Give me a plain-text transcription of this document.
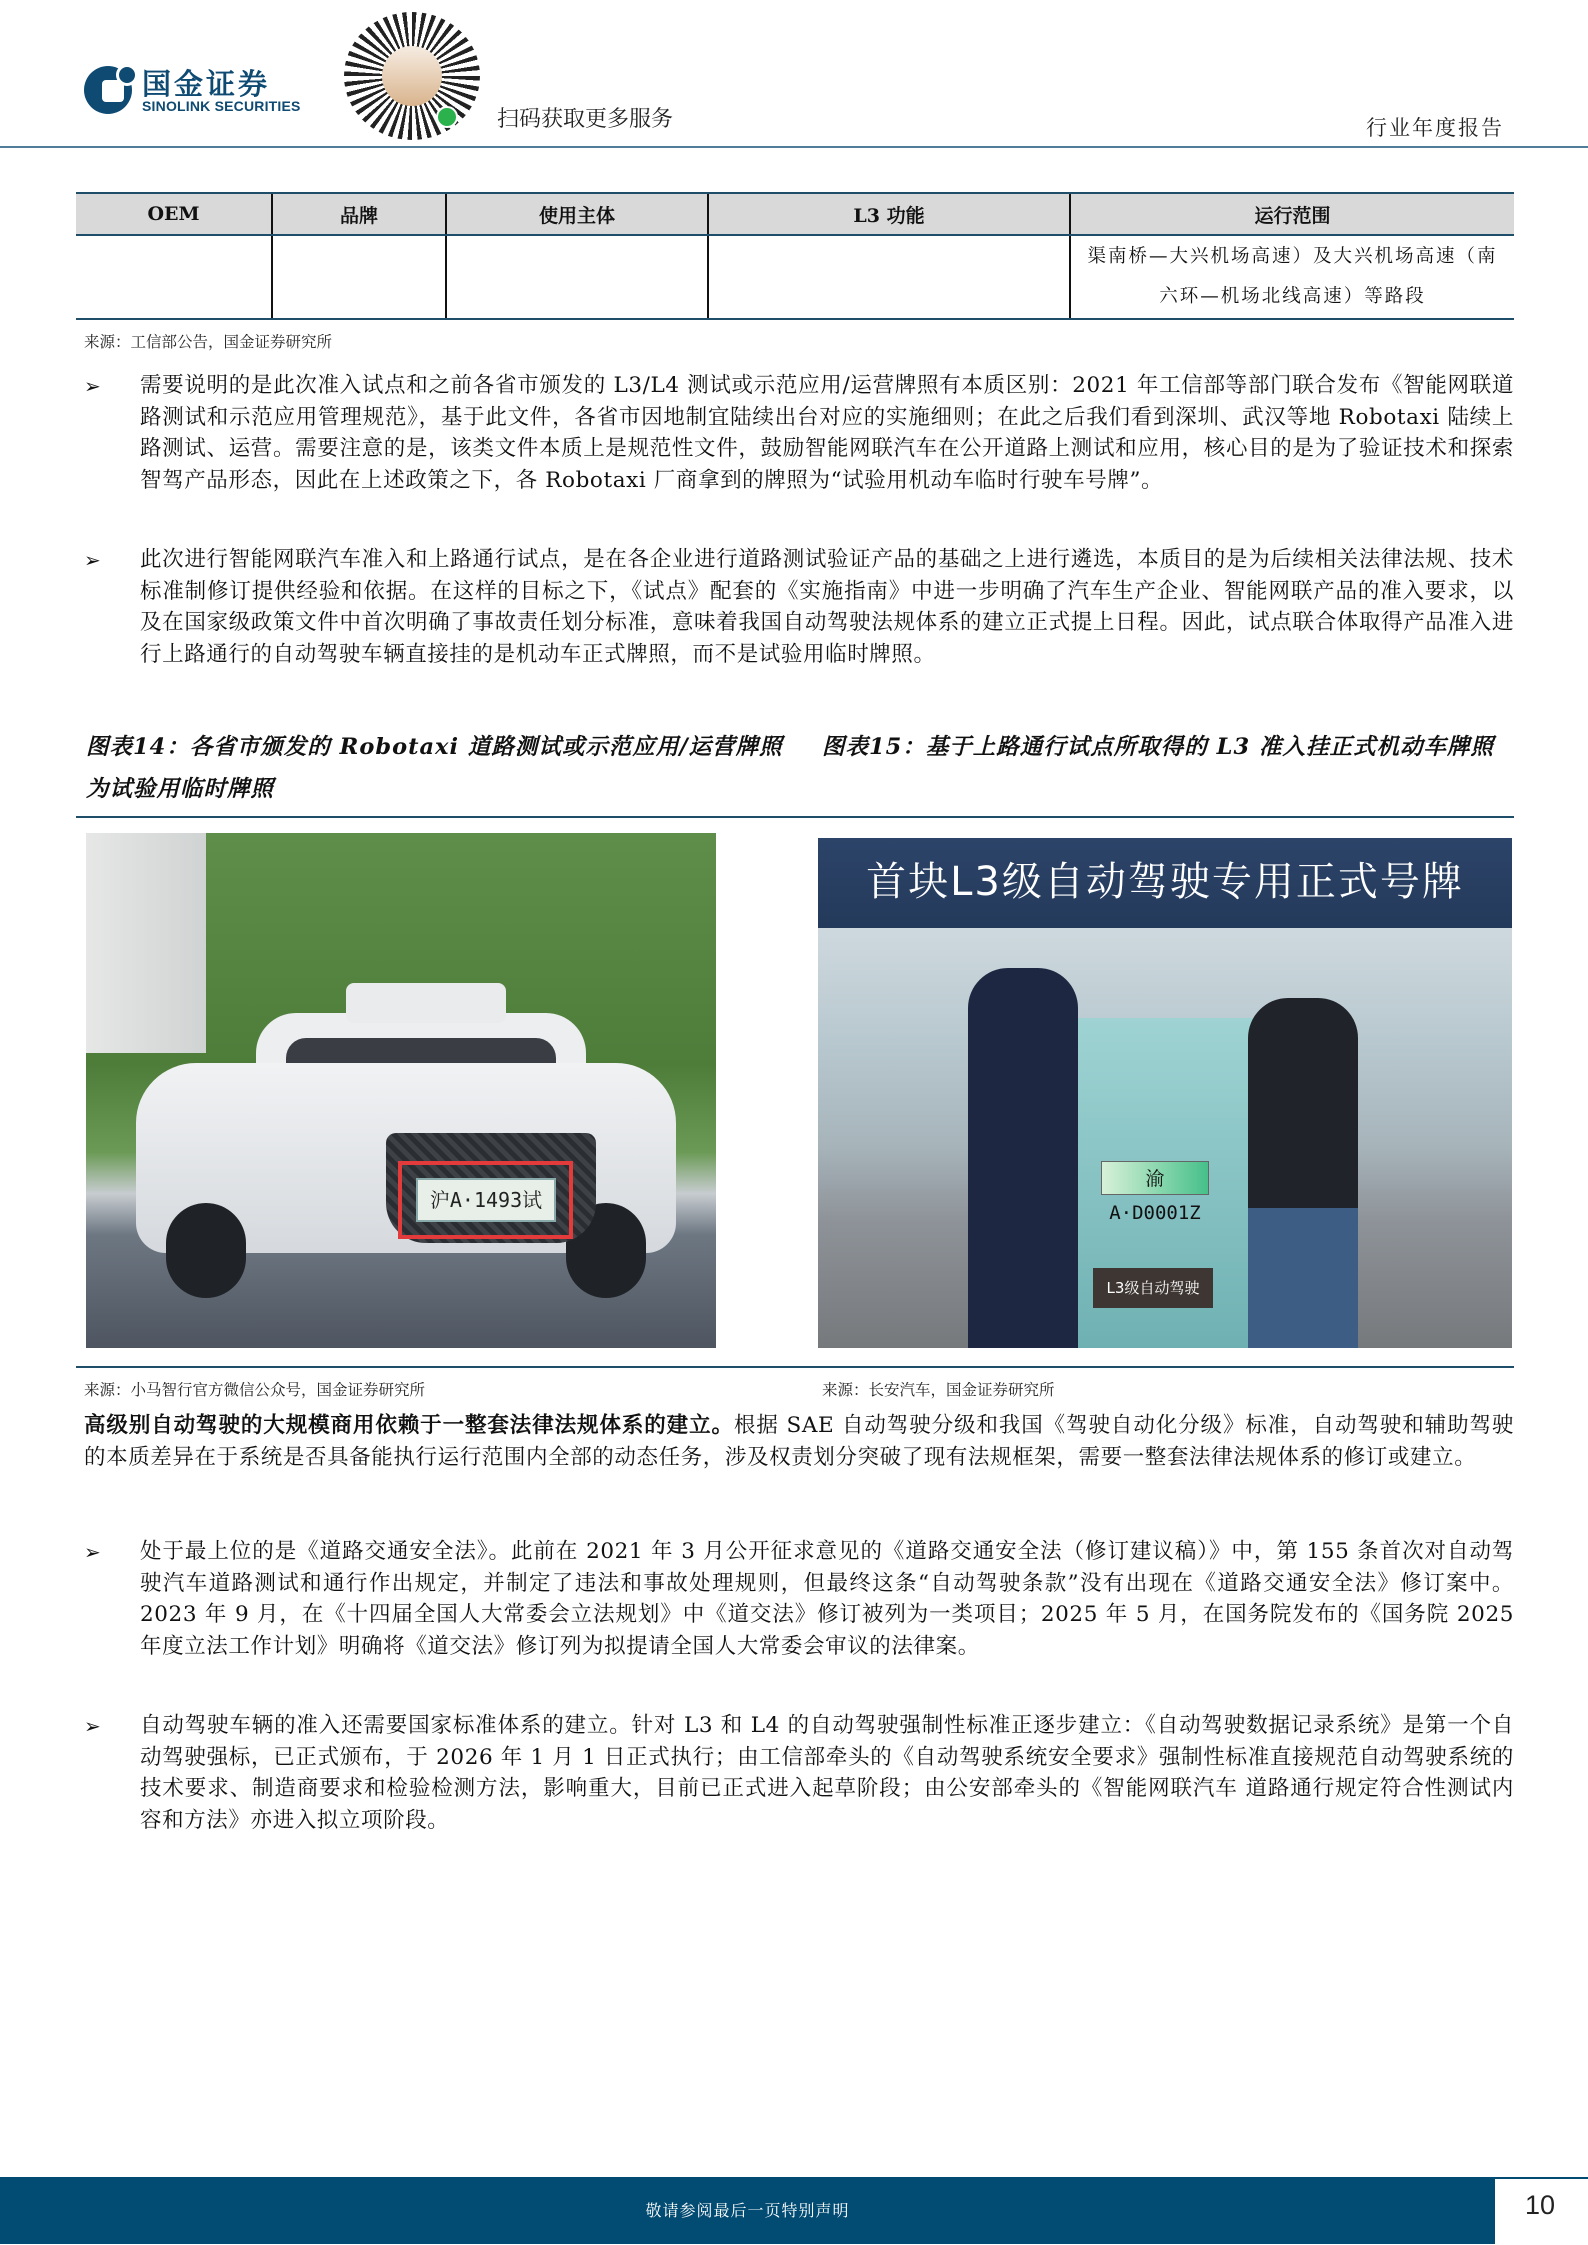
国金证券
SINOLINK SECURITIES
扫码获取更多服务	行业年度报告
OEM	品牌	使用主体	L3 功能	运行范围
				渠南桥—大兴机场高速）及大兴机场高速（南六环—机场北线高速）等路段
来源：工信部公告，国金证券研究所
➢ 需要说明的是此次准入试点和之前各省市颁发的 L3/L4 测试或示范应用/运营牌照有本质区别：2021 年工信部等部门联合发布《智能网联道路测试和示范应用管理规范》，基于此文件，各省市因地制宜陆续出台对应的实施细则；在此之后我们看到深圳、武汉等地 Robotaxi 陆续上路测试、运营。需要注意的是，该类文件本质上是规范性文件，鼓励智能网联汽车在公开道路上测试和应用，核心目的是为了验证技术和探索智驾产品形态，因此在上述政策之下，各 Robotaxi 厂商拿到的牌照为“试验用机动车临时行驶车号牌”。
➢ 此次进行智能网联汽车准入和上路通行试点，是在各企业进行道路测试验证产品的基础之上进行遴选，本质目的是为后续相关法律法规、技术标准制修订提供经验和依据。在这样的目标之下，《试点》配套的《实施指南》中进一步明确了汽车生产企业、智能网联产品的准入要求，以及在国家级政策文件中首次明确了事故责任划分标准，意味着我国自动驾驶法规体系的建立正式提上日程。因此，试点联合体取得产品准入进行上路通行的自动驾驶车辆直接挂的是机动车正式牌照，而不是试验用临时牌照。
图表14：各省市颁发的 Robotaxi 道路测试或示范应用/运营牌照为试验用临时牌照
图表15：基于上路通行试点所取得的 L3 准入挂正式机动车牌照
沪A·1493试
首块L3级自动驾驶专用正式号牌
渝A·D0001Z
L3级自动驾驶
来源：小马智行官方微信公众号，国金证券研究所	来源：长安汽车，国金证券研究所
高级别自动驾驶的大规模商用依赖于一整套法律法规体系的建立。根据 SAE 自动驾驶分级和我国《驾驶自动化分级》标准，自动驾驶和辅助驾驶的本质差异在于系统是否具备能执行运行范围内全部的动态任务，涉及权责划分突破了现有法规框架，需要一整套法律法规体系的修订或建立。
➢ 处于最上位的是《道路交通安全法》。此前在 2021 年 3 月公开征求意见的《道路交通安全法（修订建议稿）》中，第 155 条首次对自动驾驶汽车道路测试和通行作出规定，并制定了违法和事故处理规则，但最终这条“自动驾驶条款”没有出现在《道路交通安全法》修订案中。2023 年 9 月，在《十四届全国人大常委会立法规划》中《道交法》修订被列为一类项目；2025 年 5 月，在国务院发布的《国务院 2025 年度立法工作计划》明确将《道交法》修订列为拟提请全国人大常委会审议的法律案。
➢ 自动驾驶车辆的准入还需要国家标准体系的建立。针对 L3 和 L4 的自动驾驶强制性标准正逐步建立：《自动驾驶数据记录系统》是第一个自动驾驶强标，已正式颁布，于 2026 年 1 月 1 日正式执行；由工信部牵头的《自动驾驶系统安全要求》强制性标准直接规范自动驾驶系统的技术要求、制造商要求和检验检测方法，影响重大，目前已正式进入起草阶段；由公安部牵头的《智能网联汽车 道路通行规定符合性测试内容和方法》亦进入拟立项阶段。
敬请参阅最后一页特别声明	10
